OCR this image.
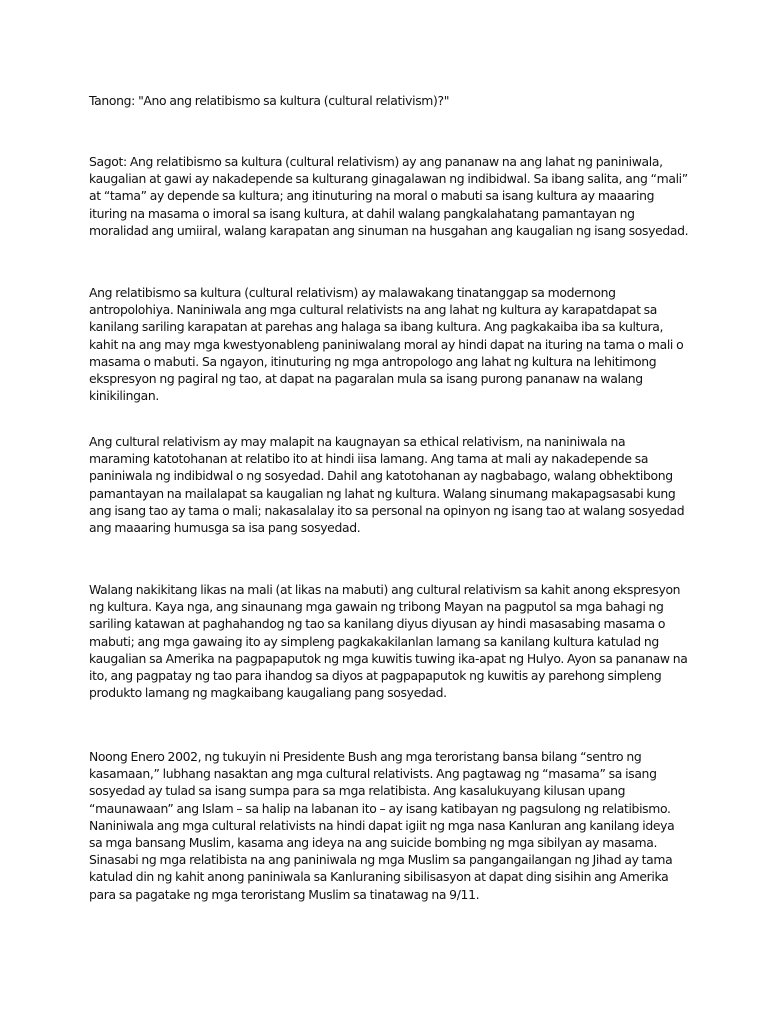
Tanong: "Ano ang relatibismo sa kultura (cultural relativism)?"

Sagot: Ang relatibismo sa kultura (cultural relativism) ay ang pananaw na ang lahat ng paniniwala, kaugalian at gawi ay nakadepende sa kulturang ginagalawan ng indibidwal. Sa ibang salita, ang “mali” at “tama” ay depende sa kultura; ang itinuturing na moral o mabuti sa isang kultura ay maaaring ituring na masama o imoral sa isang kultura, at dahil walang pangkalahatang pamantayan ng moralidad ang umiiral, walang karapatan ang sinuman na husgahan ang kaugalian ng isang sosyedad.

Ang relatibismo sa kultura (cultural relativism) ay malawakang tinatanggap sa modernong antropolohiya. Naniniwala ang mga cultural relativists na ang lahat ng kultura ay karapatdapat sa kanilang sariling karapatan at parehas ang halaga sa ibang kultura. Ang pagkakaiba iba sa kultura, kahit na ang may mga kwestyonableng paniniwalang moral ay hindi dapat na ituring na tama o mali o masama o mabuti. Sa ngayon, itinuturing ng mga antropologo ang lahat ng kultura na lehitimong ekspresyon ng pagiral ng tao, at dapat na pagaralan mula sa isang purong pananaw na walang kinikilingan.

Ang cultural relativism ay may malapit na kaugnayan sa ethical relativism, na naniniwala na maraming katotohanan at relatibo ito at hindi iisa lamang. Ang tama at mali ay nakadepende sa paniniwala ng indibidwal o ng sosyedad. Dahil ang katotohanan ay nagbabago, walang obhektibong pamantayan na mailalapat sa kaugalian ng lahat ng kultura. Walang sinumang makapagsasabi kung ang isang tao ay tama o mali; nakasalalay ito sa personal na opinyon ng isang tao at walang sosyedad ang maaaring humusga sa isa pang sosyedad.

Walang nakikitang likas na mali (at likas na mabuti) ang cultural relativism sa kahit anong ekspresyon ng kultura. Kaya nga, ang sinaunang mga gawain ng tribong Mayan na pagputol sa mga bahagi ng sariling katawan at paghahandog ng tao sa kanilang diyus diyusan ay hindi masasabing masama o mabuti; ang mga gawaing ito ay simpleng pagkakakilanlan lamang sa kanilang kultura katulad ng kaugalian sa Amerika na pagpapaputok ng mga kuwitis tuwing ika-apat ng Hulyo. Ayon sa pananaw na ito, ang pagpatay ng tao para ihandog sa diyos at pagpapaputok ng kuwitis ay parehong simpleng produkto lamang ng magkaibang kaugaliang pang sosyedad.

Noong Enero 2002, ng tukuyin ni Presidente Bush ang mga teroristang bansa bilang “sentro ng kasamaan,” lubhang nasaktan ang mga cultural relativists. Ang pagtawag ng “masama” sa isang sosyedad ay tulad sa isang sumpa para sa mga relatibista. Ang kasalukuyang kilusan upang “maunawaan” ang Islam – sa halip na labanan ito – ay isang katibayan ng pagsulong ng relatibismo. Naniniwala ang mga cultural relativists na hindi dapat igiit ng mga nasa Kanluran ang kanilang ideya sa mga bansang Muslim, kasama ang ideya na ang suicide bombing ng mga sibilyan ay masama. Sinasabi ng mga relatibista na ang paniniwala ng mga Muslim sa pangangailangan ng Jihad ay tama katulad din ng kahit anong paniniwala sa Kanluraning sibilisasyon at dapat ding sisihin ang Amerika para sa pagatake ng mga teroristang Muslim sa tinatawag na 9/11.
